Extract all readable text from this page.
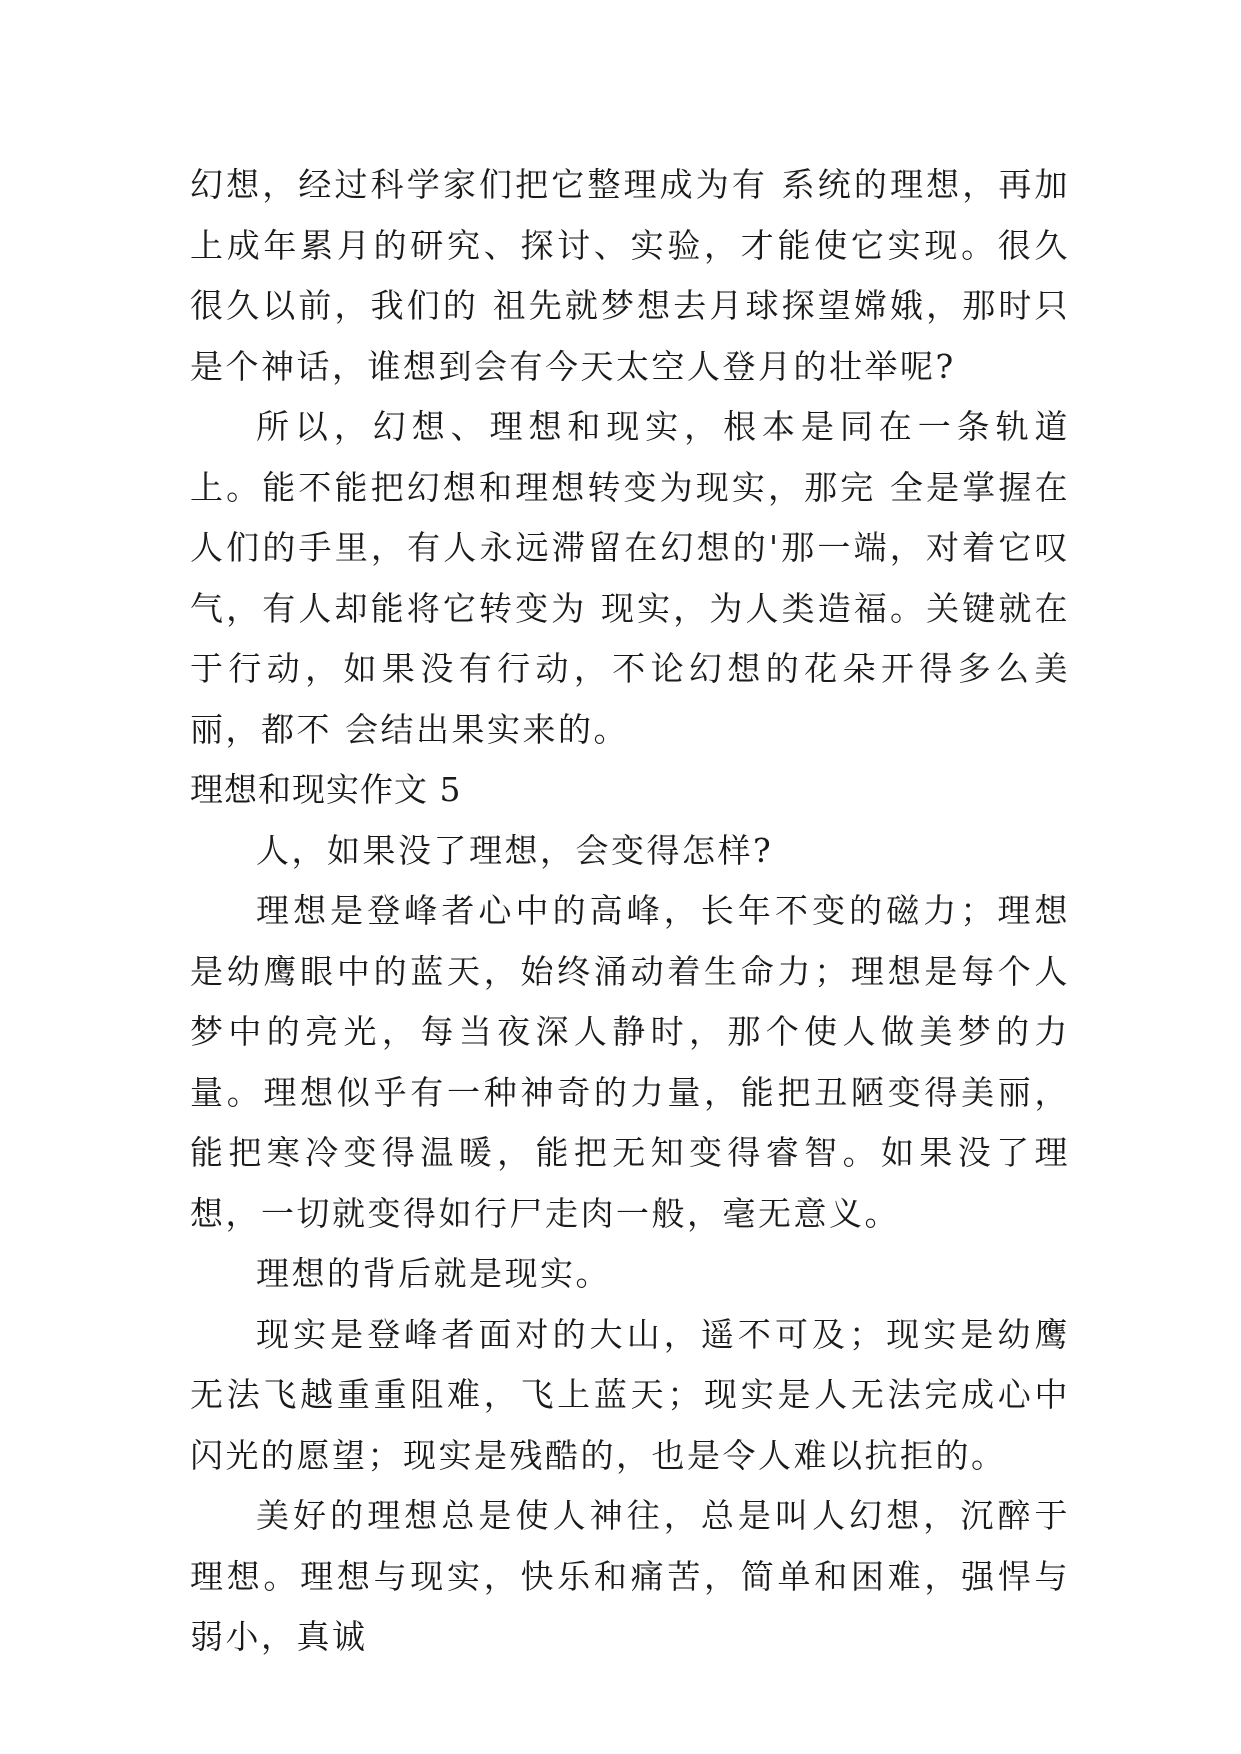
幻想，经过科学家们把它整理成为有 系统的理想，再加上成年累月的研究、探讨、实验，才能使它实现。很久很久以前，我们的 祖先就梦想去月球探望嫦娥，那时只是个神话，谁想到会有今天太空人登月的壮举呢?

所以，幻想、理想和现实，根本是同在一条轨道上。能不能把幻想和理想转变为现实，那完 全是掌握在人们的手里，有人永远滞留在幻想的'那一端，对着它叹气，有人却能将它转变为 现实，为人类造福。关键就在于行动，如果没有行动，不论幻想的花朵开得多么美丽，都不 会结出果实来的。

理想和现实作文 5

人，如果没了理想，会变得怎样?

理想是登峰者心中的高峰，长年不变的磁力；理想是幼鹰眼中的蓝天，始终涌动着生命力；理想是每个人梦中的亮光，每当夜深人静时，那个使人做美梦的力量。理想似乎有一种神奇的力量，能把丑陋变得美丽，能把寒冷变得温暖，能把无知变得睿智。如果没了理想，一切就变得如行尸走肉一般，毫无意义。

理想的背后就是现实。

现实是登峰者面对的大山，遥不可及；现实是幼鹰无法飞越重重阻难，飞上蓝天；现实是人无法完成心中闪光的愿望；现实是残酷的，也是令人难以抗拒的。

美好的理想总是使人神往，总是叫人幻想，沉醉于理想。理想与现实，快乐和痛苦，简单和困难，强悍与弱小，真诚
